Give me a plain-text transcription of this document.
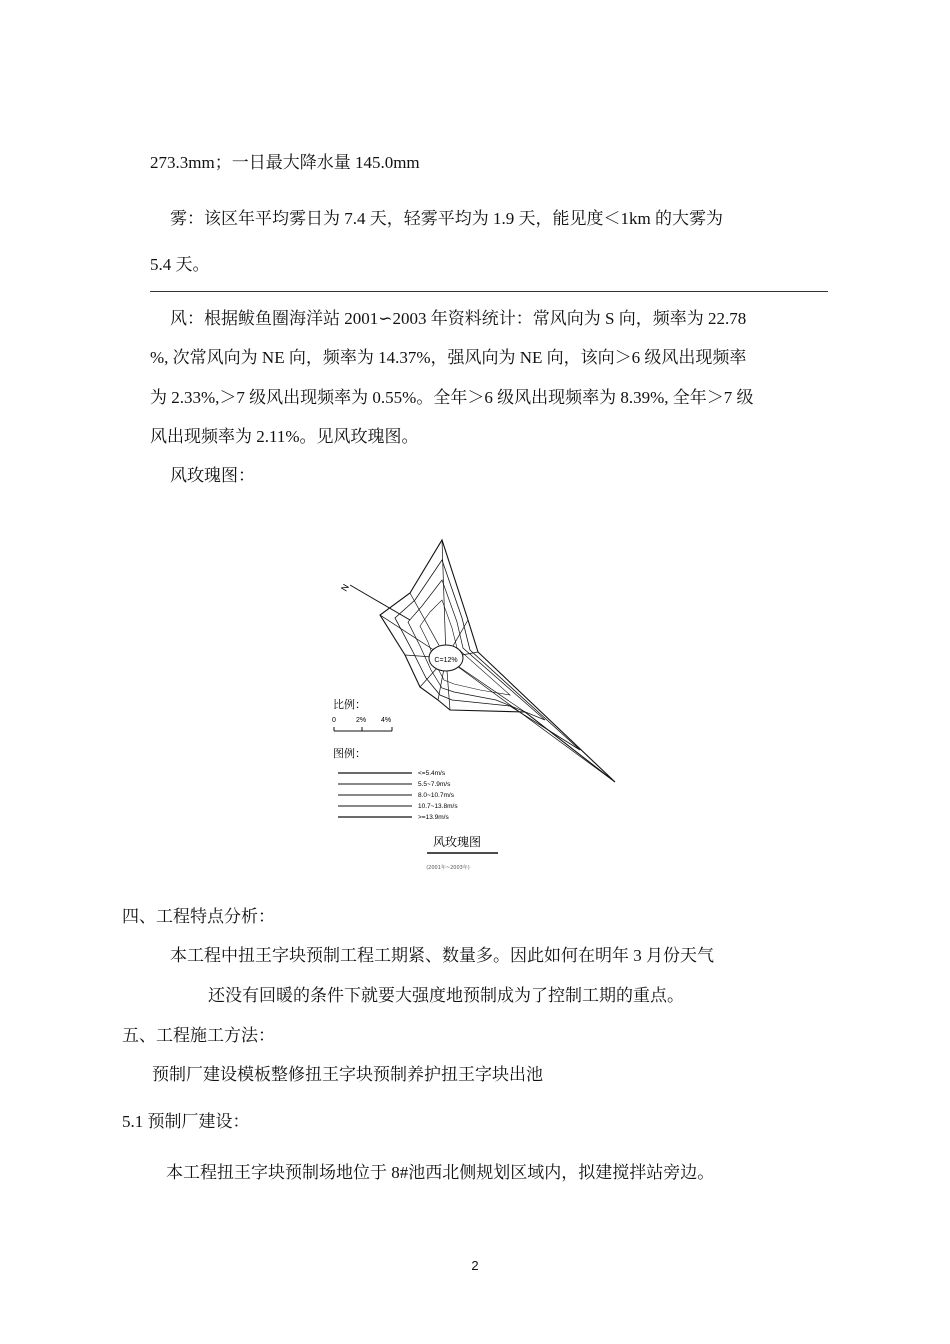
273.3mm；一日最大降水量 145.0mm
雾：该区年平均雾日为 7.4 天，轻雾平均为 1.9 天，能见度＜1km 的大雾为
5.4 天。
风：根据鲅鱼圈海洋站 2001∽2003 年资料统计：常风向为 S 向，频率为 22.78
%, 次常风向为 NE 向，频率为 14.37%，强风向为 NE 向，该向＞6 级风出现频率
为 2.33%,＞7 级风出现频率为 0.55%。全年＞6 级风出现频率为 8.39%, 全年＞7 级
风出现频率为 2.11%。见风玫瑰图。
风玫瑰图：
N
C=12%
比例：
0	2% 4%
图例：
<=5.4m/s
5.5~7.9m/s
8.0~10.7m/s
10.7~13.8m/s
>=13.9m/s
风玫瑰图
(2001年~2003年)
四、工程特点分析：
本工程中扭王字块预制工程工期紧、数量多。因此如何在明年 3 月份天气
还没有回暖的条件下就要大强度地预制成为了控制工期的重点。
五、工程施工方法：
预制厂建设模板整修扭王字块预制养护扭王字块出池
5.1 预制厂建设：
本工程扭王字块预制场地位于 8#池西北侧规划区域内，拟建搅拌站旁边。
2
